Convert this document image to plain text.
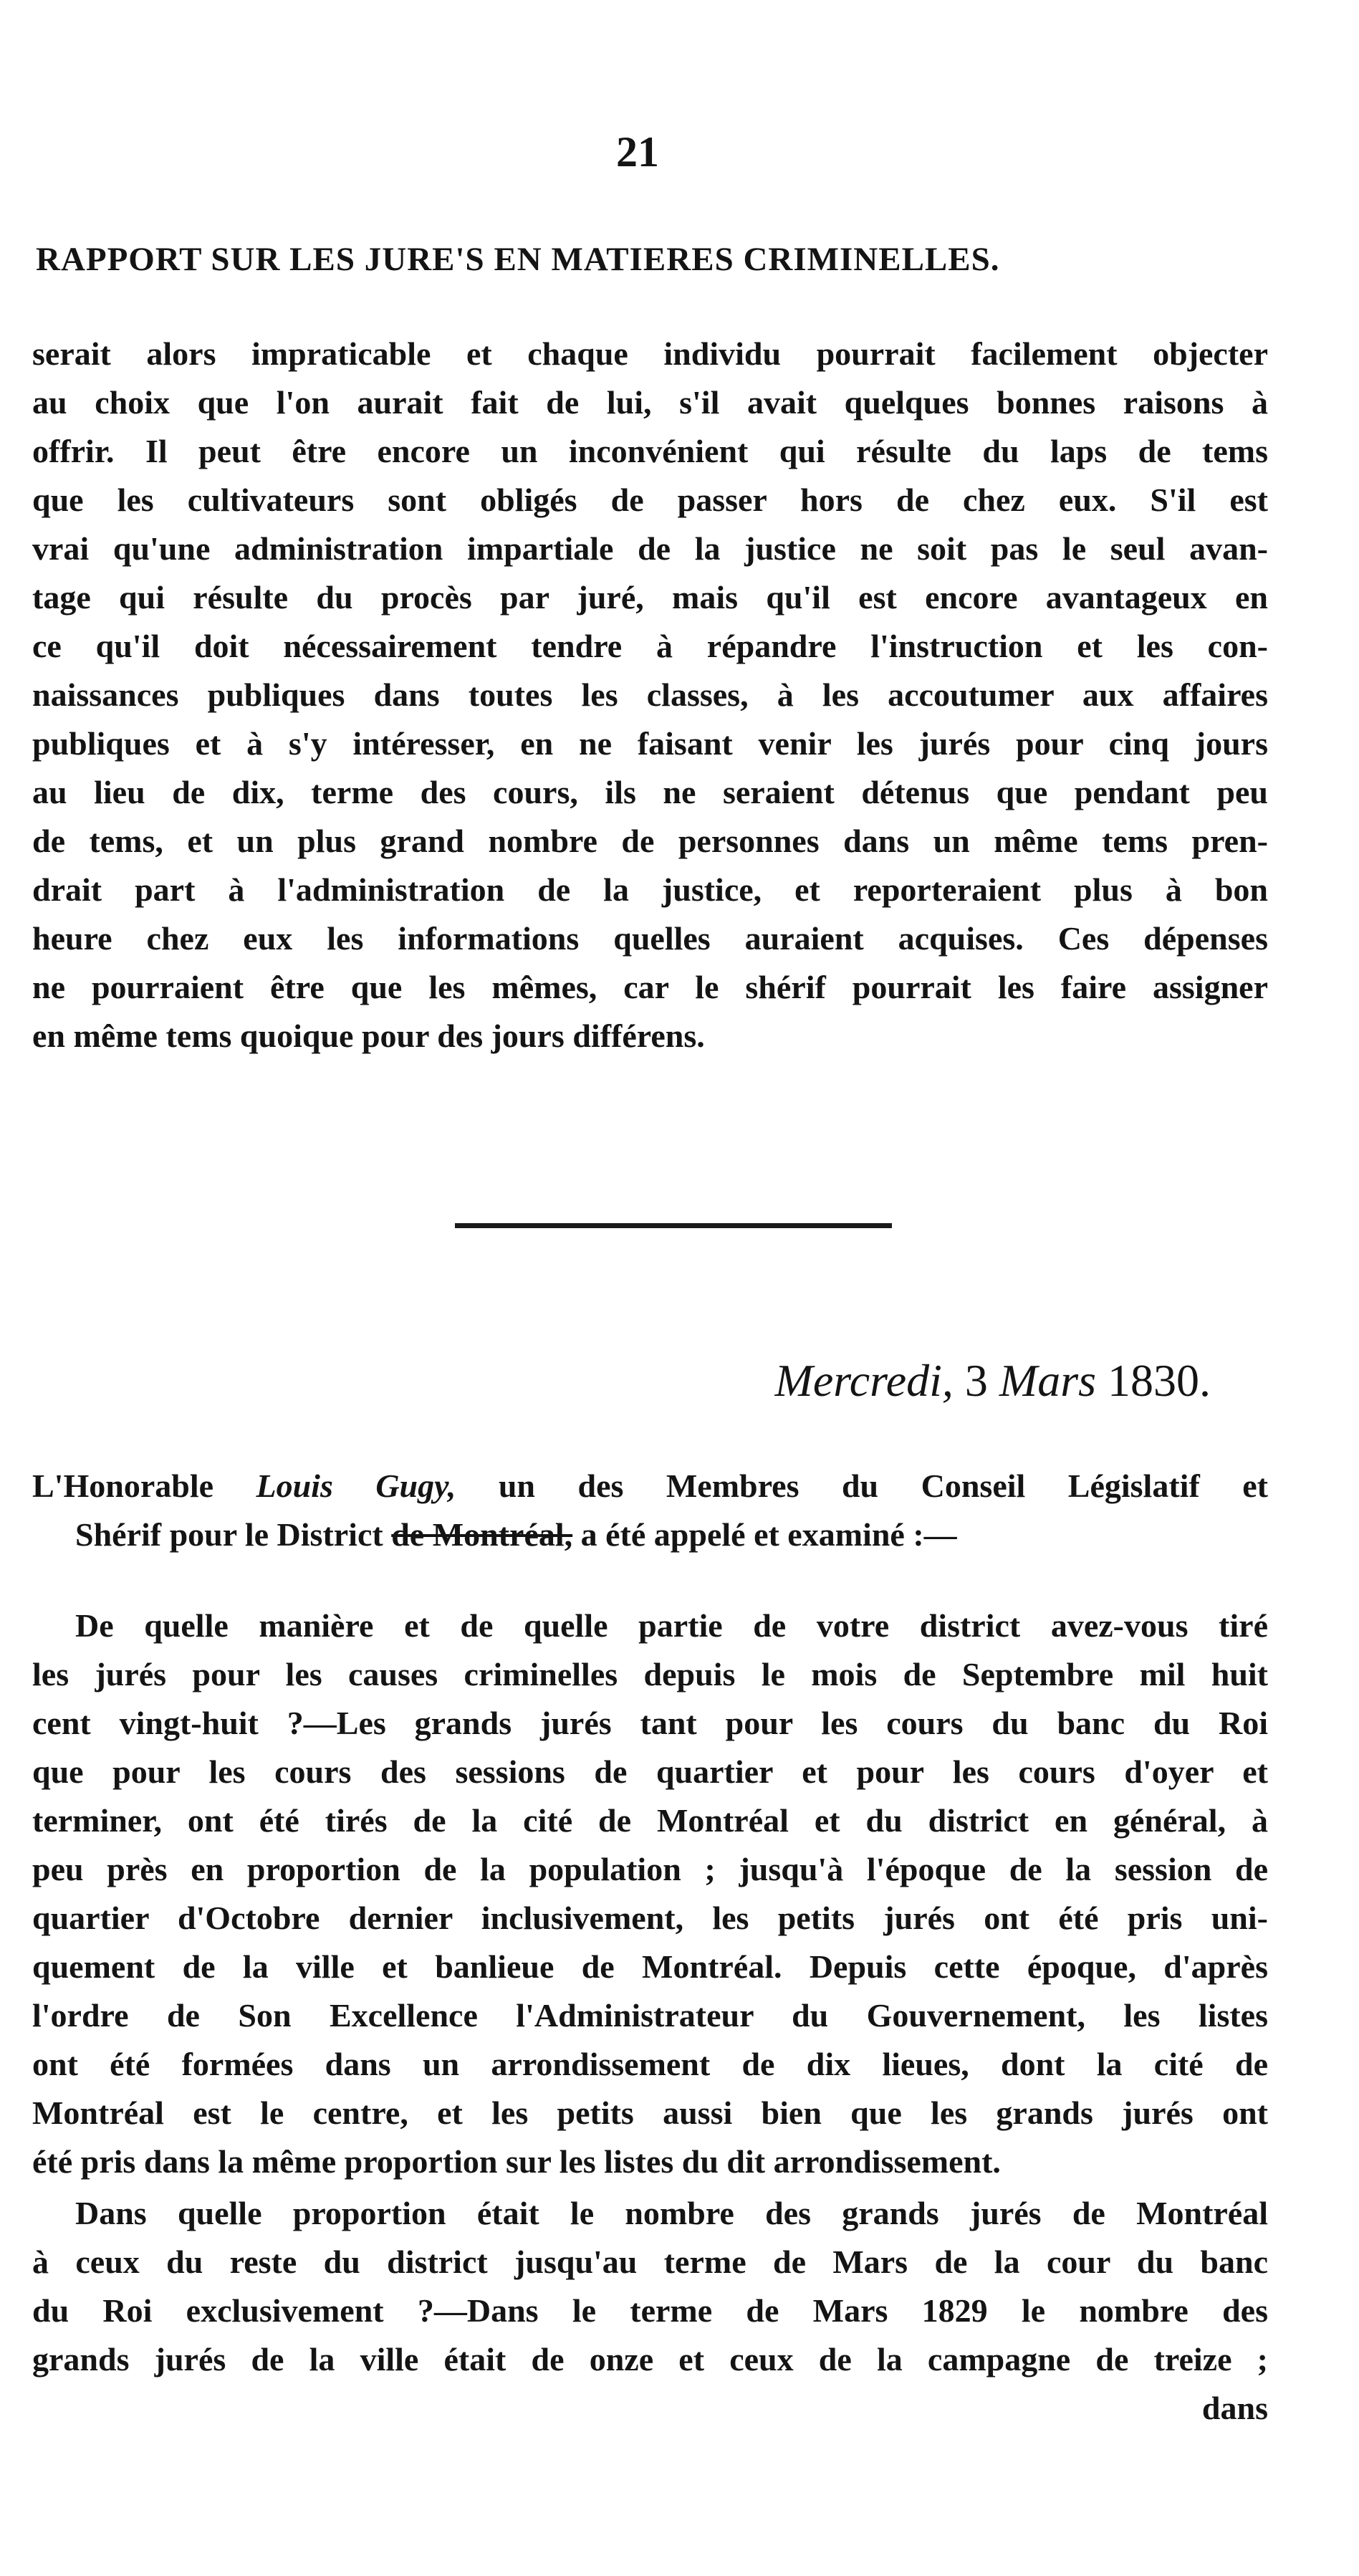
21
RAPPORT SUR LES JURE'S EN MATIERES CRIMINELLES.
serait alors impraticable et chaque individu pourrait facilement objecter
au choix que l'on aurait fait de lui, s'il avait quelques bonnes raisons à
offrir. Il peut être encore un inconvénient qui résulte du laps de tems
que les cultivateurs sont obligés de passer hors de chez eux. S'il est
vrai qu'une administration impartiale de la justice ne soit pas le seul avan-
tage qui résulte du procès par juré, mais qu'il est encore avantageux en
ce qu'il doit nécessairement tendre à répandre l'instruction et les con-
naissances publiques dans toutes les classes, à les accoutumer aux affaires
publiques et à s'y intéresser, en ne faisant venir les jurés pour cinq jours
au lieu de dix, terme des cours, ils ne seraient détenus que pendant peu
de tems, et un plus grand nombre de personnes dans un même tems pren-
drait part à l'administration de la justice, et reporteraient plus à bon
heure chez eux les informations quelles auraient acquises. Ces dépenses
ne pourraient être que les mêmes, car le shérif pourrait les faire assigner
en même tems quoique pour des jours différens.
Mercredi, 3 Mars 1830.
L'Honorable Louis Gugy, un des Membres du Conseil Législatif et
Shérif pour le District de Montréal, a été appelé et examiné :—
De quelle manière et de quelle partie de votre district avez-vous tiré
les jurés pour les causes criminelles depuis le mois de Septembre mil huit
cent vingt-huit ?—Les grands jurés tant pour les cours du banc du Roi
que pour les cours des sessions de quartier et pour les cours d'oyer et
terminer, ont été tirés de la cité de Montréal et du district en général, à
peu près en proportion de la population ; jusqu'à l'époque de la session de
quartier d'Octobre dernier inclusivement, les petits jurés ont été pris uni-
quement de la ville et banlieue de Montréal. Depuis cette époque, d'après
l'ordre de Son Excellence l'Administrateur du Gouvernement, les listes
ont été formées dans un arrondissement de dix lieues, dont la cité de
Montréal est le centre, et les petits aussi bien que les grands jurés ont
été pris dans la même proportion sur les listes du dit arrondissement.
Dans quelle proportion était le nombre des grands jurés de Montréal
à ceux du reste du district jusqu'au terme de Mars de la cour du banc
du Roi exclusivement ?—Dans le terme de Mars 1829 le nombre des
grands jurés de la ville était de onze et ceux de la campagne de treize ;
dans
